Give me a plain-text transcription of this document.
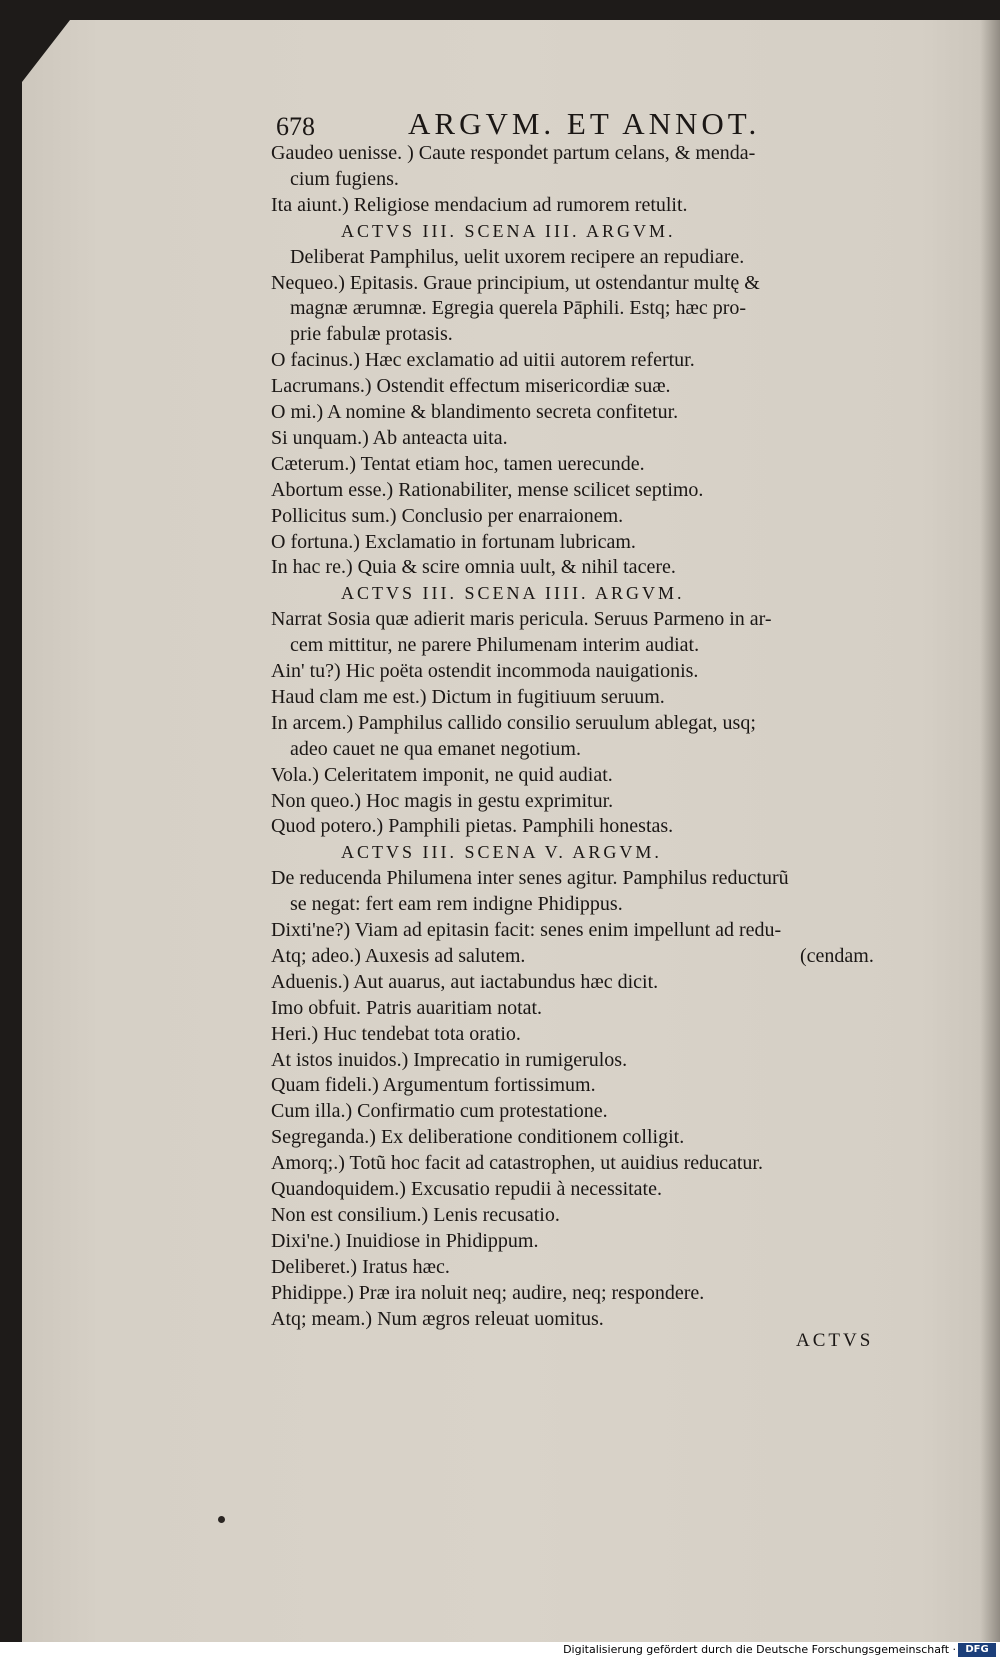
678	ARGVM. ET ANNOT.
Gaudeo uenisse. ) Caute respondet partum celans, & menda-
cium fugiens.
Ita aiunt.) Religiose mendacium ad rumorem retulit.
ACTVS III. SCENA III. ARGVM.
Deliberat Pamphilus, uelit uxorem recipere an repudiare.
Nequeo.) Epitasis. Graue principium, ut ostendantur multę &
magnæ ærumnæ. Egregia querela Pāphili. Estq; hæc pro-
prie fabulæ protasis.
O facinus.) Hæc exclamatio ad uitii autorem refertur.
Lacrumans.) Ostendit effectum misericordiæ suæ.
O mi.) A nomine & blandimento secreta confitetur.
Si unquam.) Ab anteacta uita.
Cæterum.) Tentat etiam hoc, tamen uerecunde.
Abortum esse.) Rationabiliter, mense scilicet septimo.
Pollicitus sum.) Conclusio per enarraionem.
O fortuna.) Exclamatio in fortunam lubricam.
In hac re.) Quia & scire omnia uult, & nihil tacere.
ACTVS III. SCENA IIII. ARGVM.
Narrat Sosia quæ adierit maris pericula. Seruus Parmeno in ar-
cem mittitur, ne parere Philumenam interim audiat.
Ain' tu?) Hic poëta ostendit incommoda nauigationis.
Haud clam me est.) Dictum in fugitiuum seruum.
In arcem.) Pamphilus callido consilio seruulum ablegat, usq;
adeo cauet ne qua emanet negotium.
Vola.) Celeritatem imponit, ne quid audiat.
Non queo.) Hoc magis in gestu exprimitur.
Quod potero.) Pamphili pietas. Pamphili honestas.
ACTVS III. SCENA V. ARGVM.
De reducenda Philumena inter senes agitur. Pamphilus reducturũ
se negat: fert eam rem indigne Phidippus.
Dixti'ne?) Viam ad epitasin facit: senes enim impellunt ad redu-
Atq; adeo.) Auxesis ad salutem.	(cendam.
Aduenis.) Aut auarus, aut iactabundus hæc dicit.
Imo obfuit. Patris auaritiam notat.
Heri.) Huc tendebat tota oratio.
At istos inuidos.) Imprecatio in rumigerulos.
Quam fideli.) Argumentum fortissimum.
Cum illa.) Confirmatio cum protestatione.
Segreganda.) Ex deliberatione conditionem colligit.
Amorq;.) Totũ hoc facit ad catastrophen, ut auidius reducatur.
Quandoquidem.) Excusatio repudii à necessitate.
Non est consilium.) Lenis recusatio.
Dixi'ne.) Inuidiose in Phidippum.
Deliberet.) Iratus hæc.
Phidippe.) Præ ira noluit neq; audire, neq; respondere.
Atq; meam.) Num ægros releuat uomitus.
ACTVS
Digitalisierung gefördert durch die Deutsche Forschungsgemeinschaft · DFG
